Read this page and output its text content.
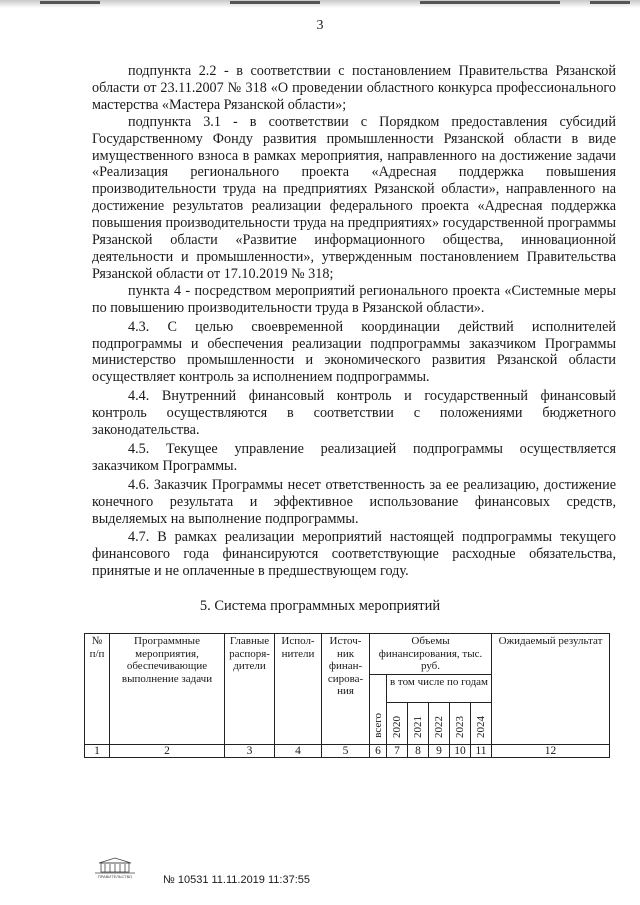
3

подпункта 2.2 - в соответствии с постановлением Правительства Рязанской области от 23.11.2007 № 318 «О проведении областного конкурса профессионального мастерства «Мастера Рязанской области»;

подпункта 3.1 - в соответствии с Порядком предоставления субсидий Государственному Фонду развития промышленности Рязанской области в виде имущественного взноса в рамках мероприятия, направленного на достижение задачи «Реализация регионального проекта «Адресная поддержка повышения производительности труда на предприятиях Рязанской области», направленного на достижение результатов реализации федерального проекта «Адресная поддержка повышения производительности труда на предприятиях» государственной программы Рязанской области «Развитие информационного общества, инновационной деятельности и промышленности», утвержденным постановлением Правительства Рязанской области от 17.10.2019 № 318;

пункта 4 - посредством мероприятий регионального проекта «Системные меры по повышению производительности труда в Рязанской области».

4.3. С целью своевременной координации действий исполнителей подпрограммы и обеспечения реализации подпрограммы заказчиком Программы министерство промышленности и экономического развития Рязанской области осуществляет контроль за исполнением подпрограммы.

4.4. Внутренний финансовый контроль и государственный финансовый контроль осуществляются в соответствии с положениями бюджетного законодательства.

4.5. Текущее управление реализацией подпрограммы осуществляется заказчиком Программы.

4.6. Заказчик Программы несет ответственность за ее реализацию, достижение конечного результата и эффективное использование финансовых средств, выделяемых на выполнение подпрограммы.

4.7. В рамках реализации мероприятий настоящей подпрограммы текущего финансового года финансируются соответствующие расходные обязательства, принятые и не оплаченные в предшествующем году.

5. Система программных мероприятий
№ п/п	Программные мероприятия, обеспечивающие выполнение задачи	Главные распоря-дители	Испол-нители	Источ-ник финан-сирова-ния	Объемы финансирования, тыс. руб.						Ожидаемый результат
					всего	в том числе по годам					
						2020	2021	2022	2023	2024	
1	2	3	4	5	6	7	8	9	10	11	12
ПРАВИТЕЛЬСТВО	№ 10531 11.11.2019 11:37:55
